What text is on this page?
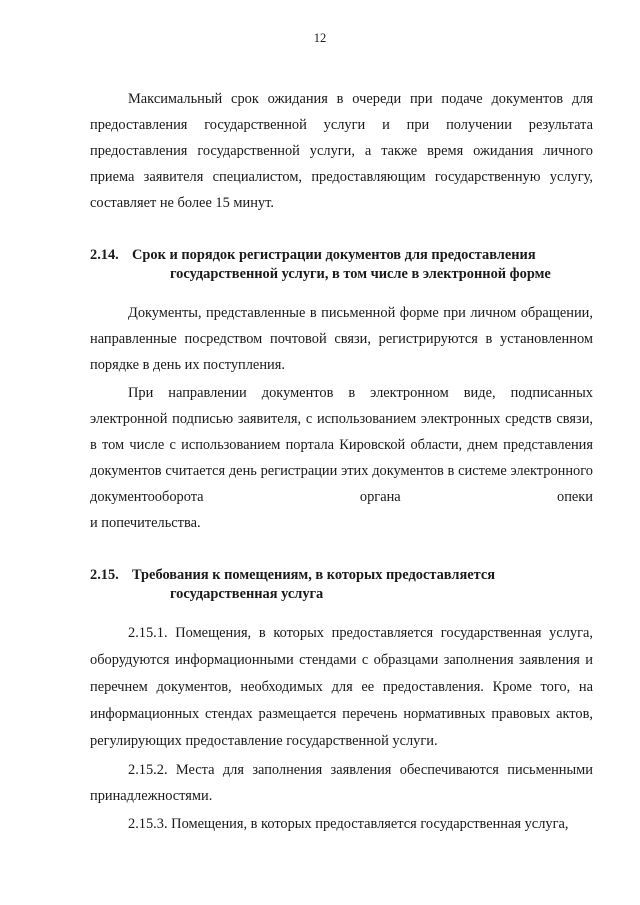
12

Максимальный срок ожидания в очереди при подаче документов для предоставления государственной услуги и при получении результата предоставления государственной услуги, а также время ожидания личного приема заявителя специалистом, предоставляющим государственную услугу, составляет не более 15 минут.

2.14. Срок и порядок регистрации документов для предоставления
государственной услуги, в том числе в электронной форме

Документы, представленные в письменной форме при личном обращении, направленные посредством почтовой связи, регистрируются в установленном порядке в день их поступления.

При направлении документов в электронном виде, подписанных электронной подписью заявителя, с использованием электронных средств связи, в том числе с использованием портала Кировской области, днем представления документов считается день регистрации этих документов в системе электронного документооборота органа опеки

и попечительства.

2.15. Требования к помещениям, в которых предоставляется
государственная услуга

2.15.1. Помещения, в которых предоставляется государственная услуга, оборудуются информационными стендами с образцами заполнения заявления и перечнем документов, необходимых для ее предоставления. Кроме того, на информационных стендах размещается перечень нормативных правовых актов, регулирующих предоставление государственной услуги.

2.15.2. Места для заполнения заявления обеспечиваются письменными принадлежностями.

2.15.3. Помещения, в которых предоставляется государственная услуга,
